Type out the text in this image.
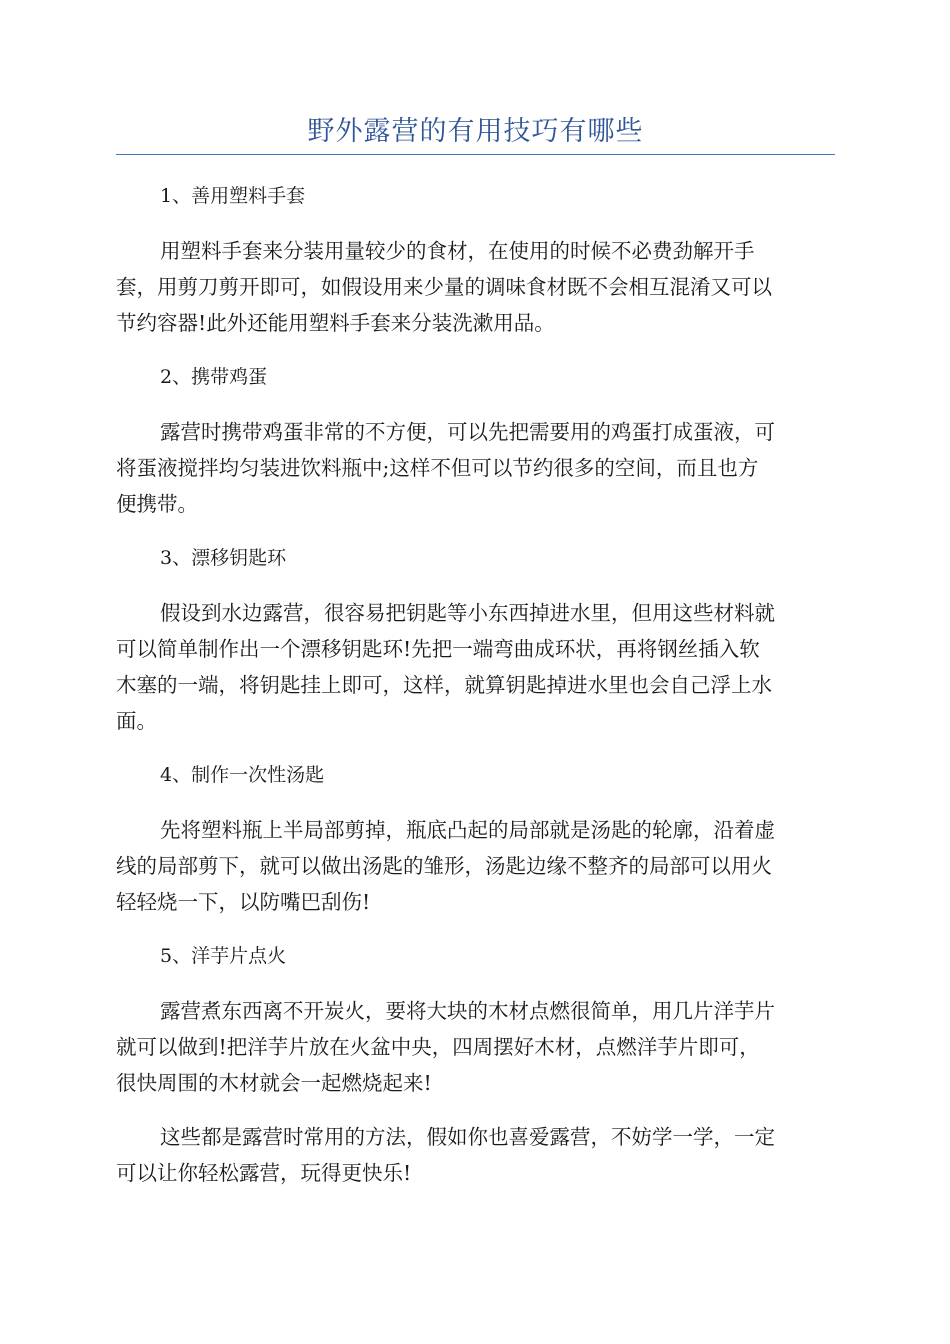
野外露营的有用技巧有哪些
1、善用塑料手套
用塑料手套来分装用量较少的食材，在使用的时候不必费劲解开手
套，用剪刀剪开即可，如假设用来少量的调味食材既不会相互混淆又可以
节约容器!此外还能用塑料手套来分装洗漱用品。
2、携带鸡蛋
露营时携带鸡蛋非常的不方便，可以先把需要用的鸡蛋打成蛋液，可
将蛋液搅拌均匀装进饮料瓶中;这样不但可以节约很多的空间，而且也方
便携带。
3、漂移钥匙环
假设到水边露营，很容易把钥匙等小东西掉进水里，但用这些材料就
可以简单制作出一个漂移钥匙环!先把一端弯曲成环状，再将钢丝插入软
木塞的一端，将钥匙挂上即可，这样，就算钥匙掉进水里也会自己浮上水
面。
4、制作一次性汤匙
先将塑料瓶上半局部剪掉，瓶底凸起的局部就是汤匙的轮廓，沿着虚
线的局部剪下，就可以做出汤匙的雏形，汤匙边缘不整齐的局部可以用火
轻轻烧一下，以防嘴巴刮伤!
5、洋芋片点火
露营煮东西离不开炭火，要将大块的木材点燃很简单，用几片洋芋片
就可以做到!把洋芋片放在火盆中央，四周摆好木材，点燃洋芋片即可，
很快周围的木材就会一起燃烧起来!
这些都是露营时常用的方法，假如你也喜爱露营，不妨学一学，一定
可以让你轻松露营，玩得更快乐!
